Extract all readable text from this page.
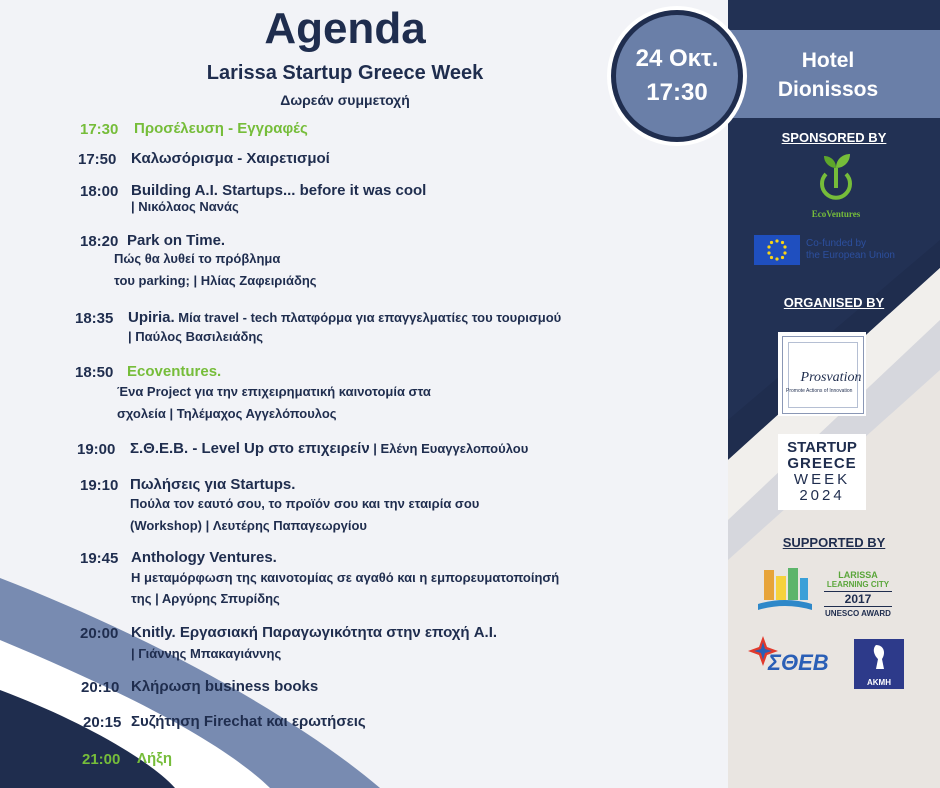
Hotel
Dionissos
24 Οκτ.
17:30
Agenda
Larissa Startup Greece Week
Δωρεάν συμμετοχή
17:30 Προσέλευση - Εγγραφές
17:50 Καλωσόρισμα - Χαιρετισμοί
18:00 Building A.I. Startups... before it was cool
| Νικόλαος Νανάς
18:20 Park on Time.
Πώς θα λυθεί το πρόβλημα
του parking; | Ηλίας Ζαφειριάδης
18:35 Upiria. Μία travel - tech πλατφόρμα για επαγγελματίες του τουρισμού
| Παύλος Βασιλειάδης
18:50 Ecoventures.
Ένα Project για την επιχειρηματική καινοτομία στα
σχολεία | Τηλέμαχος Αγγελόπουλος
19:00 Σ.Θ.Ε.Β. - Level Up στο επιχειρείν | Ελένη Ευαγγελοπούλου
19:10 Πωλήσεις για Startups.
Πούλα τον εαυτό σου, το προϊόν σου και την εταιρία σου
(Workshop) | Λευτέρης Παπαγεωργίου
19:45 Anthology Ventures.
Η μεταμόρφωση της καινοτομίας σε αγαθό και η εμπορευματοποίησή
της | Αργύρης Σπυρίδης
20:00 Knitly. Εργασιακή Παραγωγικότητα στην εποχή A.I.
| Γιάννης Μπακαγιάννης
20:10 Κλήρωση business books
20:15 Συζήτηση Firechat και ερωτήσεις
21:00 Λήξη
SPONSORED BY
EcoVentures
Co-funded by
the European Union
ORGANISED BY
Prosvation
Promote Actions of Innovation
STARTUP
GREECE
WEEK
2024
SUPPORTED BY
LARISSA
LEARNING CITY
2017
UNESCO AWARD
ΣΘΕΒ
AKMH
